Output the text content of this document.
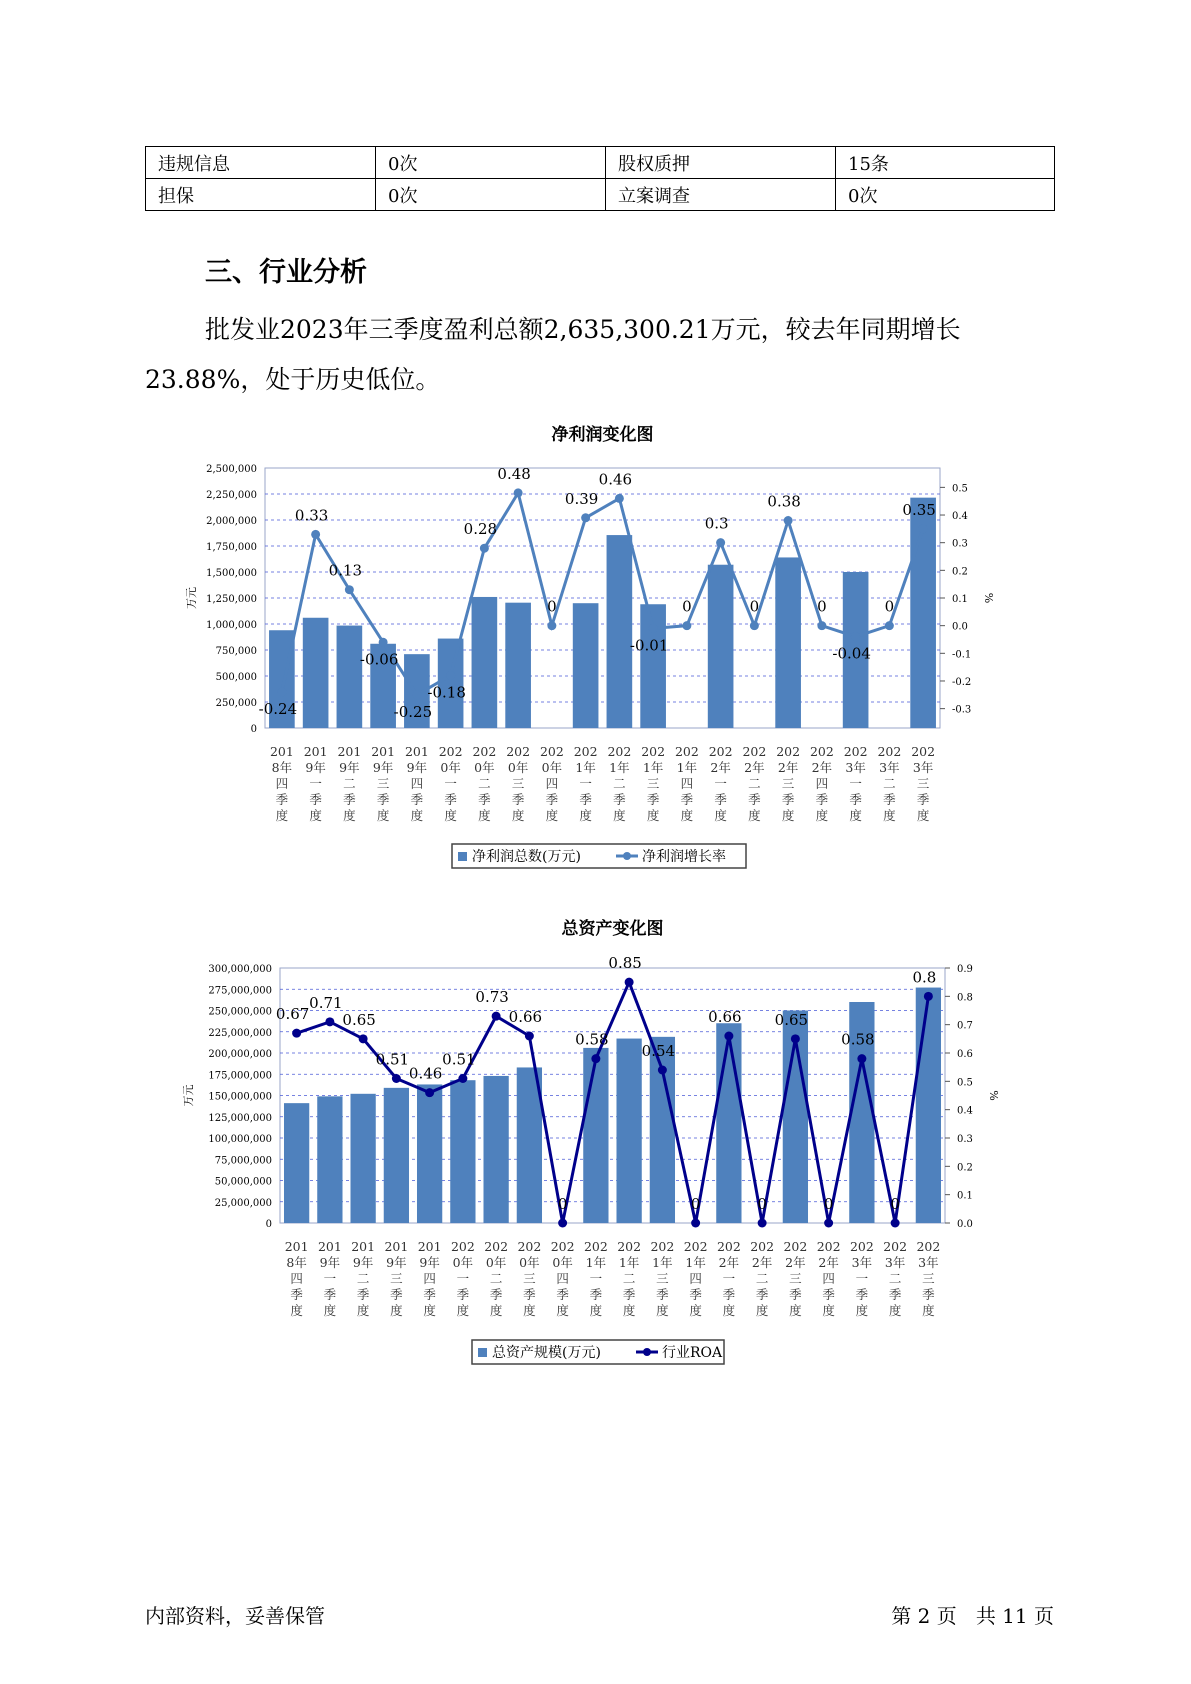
违规信息	0次	股权质押	15条
担保	0次	立案调查	0次
三、行业分析
批发业2023年三季度盈利总额2,635,300.21万元，较去年同期增长23.88%，处于历史低位。
净利润变化图
2,500,000
2,250,000
2,000,000
1,750,000
1,500,000
1,250,000
1,000,000
750,000
500,000
250,000
0
0.5
0.4
0.3
0.2
0.1
0.0
-0.1
-0.2
-0.3
万元	%
-0.24
0.33
0.13
-0.06
-0.25
-0.18
0.28
0.48
0
0.39
0.46
-0.01
0
0.3
0
0.38
0
-0.04
0
0.35
201
8年
四
季
度
201
9年
一
季
度
201
9年
二
季
度
201
9年
三
季
度
201
9年
四
季
度
202
0年
一
季
度
202
0年
二
季
度
202
0年
三
季
度
202
0年
四
季
度
202
1年
一
季
度
202
1年
二
季
度
202
1年
三
季
度
202
1年
四
季
度
202
2年
一
季
度
202
2年
二
季
度
202
2年
三
季
度
202
2年
四
季
度
202
3年
一
季
度
202
3年
二
季
度
202
3年
三
季
度
净利润总数(万元)	净利润增长率
总资产变化图
300,000,000
275,000,000
250,000,000
225,000,000
200,000,000
175,000,000
150,000,000
125,000,000
100,000,000
75,000,000
50,000,000
25,000,000
0
0.9
0.8
0.7
0.6
0.5
0.4
0.3
0.2
0.1
0.0
万元	%
0.67
0.71
0.65
0.51
0.46
0.51
0.73
0.66
0
0.58
0.85
0.54
0
0.66
0
0.65
0
0.58
0
0.8
201
8年
四
季
度
201
9年
一
季
度
201
9年
二
季
度
201
9年
三
季
度
201
9年
四
季
度
202
0年
一
季
度
202
0年
二
季
度
202
0年
三
季
度
202
0年
四
季
度
202
1年
一
季
度
202
1年
二
季
度
202
1年
三
季
度
202
1年
四
季
度
202
2年
一
季
度
202
2年
二
季
度
202
2年
三
季
度
202
2年
四
季
度
202
3年
一
季
度
202
3年
二
季
度
202
3年
三
季
度
总资产规模(万元)	行业ROA
内部资料，妥善保管	第 2 页   共 11 页
